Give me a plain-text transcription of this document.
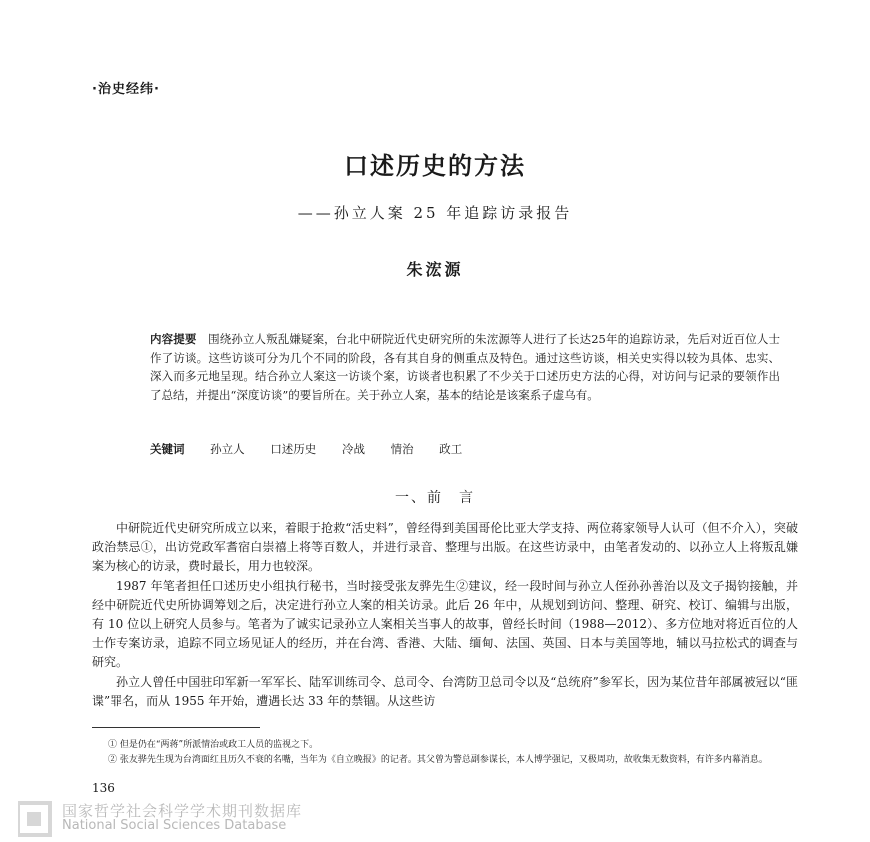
·治史经纬·
口述历史的方法
——孙立人案 25 年追踪访录报告
朱浤源
内容提要　 围绕孙立人叛乱嫌疑案，台北中研院近代史研究所的朱浤源等人进行了长达25年的追踪访录，先后对近百位人士作了访谈。这些访谈可分为几个不同的阶段，各有其自身的侧重点及特色。通过这些访谈，相关史实得以较为具体、忠实、深入而多元地呈现。结合孙立人案这一访谈个案，访谈者也积累了不少关于口述历史方法的心得，对访问与记录的要领作出了总结，并提出“深度访谈”的要旨所在。关于孙立人案，基本的结论是该案系子虚乌有。
关键词 孙立人 口述历史 冷战 情治 政工
一、前　言

中研院近代史研究所成立以来，着眼于抢救“活史料”，曾经得到美国哥伦比亚大学支持、两位蒋家领导人认可（但不介入），突破政治禁忌①，出访党政军耆宿白崇禧上将等百数人，并进行录音、整理与出版。在这些访录中，由笔者发动的、以孙立人上将叛乱嫌案为核心的访录，费时最长，用力也较深。

1987 年笔者担任口述历史小组执行秘书，当时接受张友骅先生②建议，经一段时间与孙立人侄孙孙善治以及文子揭钧接触，并经中研院近代史所协调筹划之后，决定进行孙立人案的相关访录。此后 26 年中，从规划到访问、整理、研究、校订、编辑与出版，有 10 位以上研究人员参与。笔者为了诚实记录孙立人案相关当事人的故事，曾经长时间（1988—2012）、多方位地对将近百位的人士作专案访录，追踪不同立场见证人的经历，并在台湾、香港、大陆、缅甸、法国、英国、日本与美国等地，辅以马拉松式的调查与研究。

孙立人曾任中国驻印军新一军军长、陆军训练司令、总司令、台湾防卫总司令以及“总统府”参军长，因为某位昔年部属被冠以“匪谍”罪名，而从 1955 年开始，遭遇长达 33 年的禁锢。从这些访

① 但是仍在“两蒋”所派情治或政工人员的监视之下。
② 张友骅先生现为台湾面红且历久不衰的名嘴，当年为《自立晚报》的记者。其父曾为警总副参谋长，本人博学强记，又极周功，故收集无数资料，有许多内幕消息。
136
国家哲学社会科学学术期刊数据库
National Social Sciences Database
